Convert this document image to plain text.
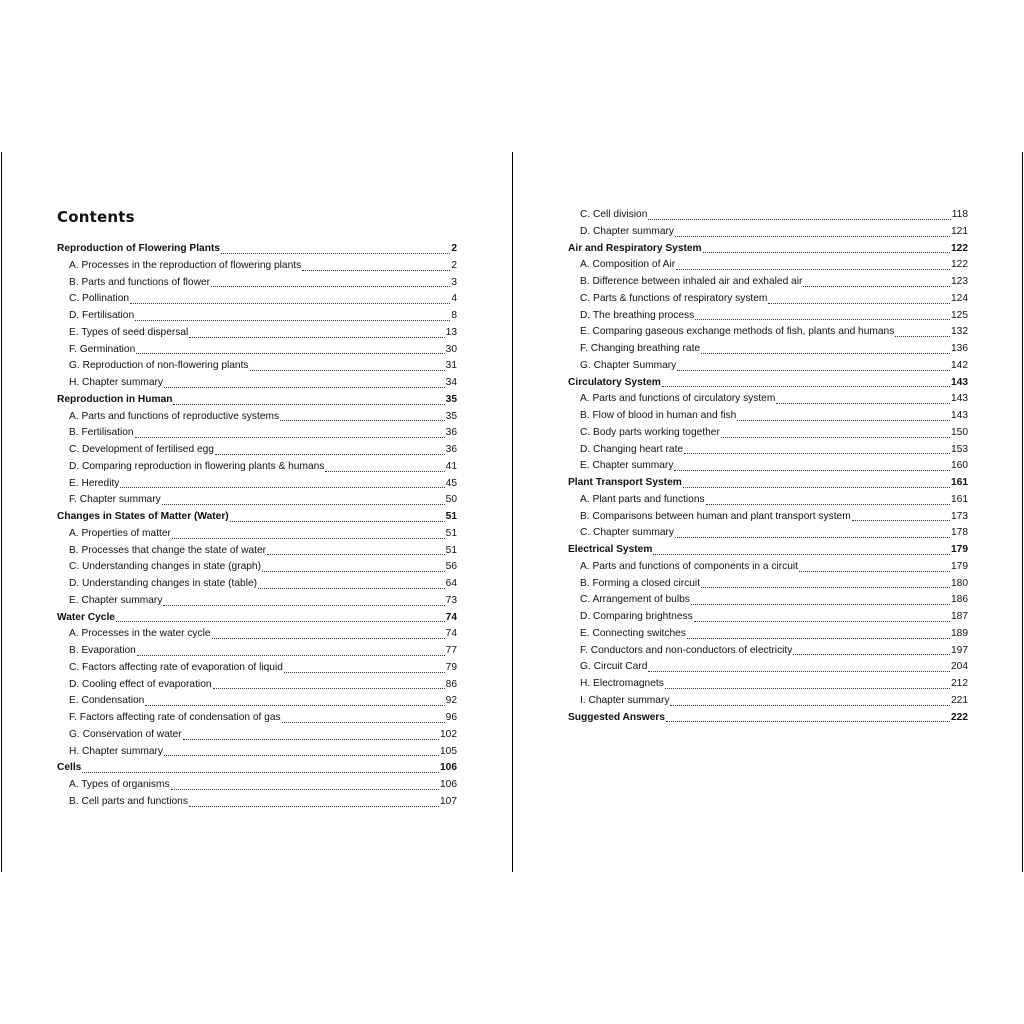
Contents
Reproduction of Flowering Plants	2
A. Processes in the reproduction of flowering plants	2
B. Parts and functions of flower	3
C. Pollination	4
D. Fertilisation	8
E. Types of seed dispersal	13
F. Germination	30
G. Reproduction of non-flowering plants	31
H. Chapter summary	34
Reproduction in Human	35
A. Parts and functions of reproductive systems	35
B. Fertilisation	36
C. Development of fertilised egg	36
D. Comparing reproduction in flowering plants & humans	41
E. Heredity	45
F. Chapter summary	50
Changes in States of Matter (Water)	51
A. Properties of matter	51
B. Processes that change the state of water	51
C. Understanding changes in state (graph)	56
D. Understanding changes in state (table)	64
E. Chapter summary	73
Water Cycle	74
A. Processes in the water cycle	74
B. Evaporation	77
C. Factors affecting rate of evaporation of liquid	79
D. Cooling effect of evaporation	86
E. Condensation	92
F. Factors affecting rate of condensation of gas	96
G. Conservation of water	102
H. Chapter summary	105
Cells	106
A. Types of organisms	106
B. Cell parts and functions	107
C. Cell division	118
D. Chapter summary	121
Air and Respiratory System	122
A. Composition of Air	122
B. Difference between inhaled air and exhaled air	123
C. Parts & functions of respiratory system	124
D. The breathing process	125
E. Comparing gaseous exchange methods of fish, plants and humans	132
F. Changing breathing rate	136
G. Chapter Summary	142
Circulatory System	143
A. Parts and functions of circulatory system	143
B. Flow of blood in human and fish	143
C. Body parts working together	150
D. Changing heart rate	153
E. Chapter summary	160
Plant Transport System	161
A. Plant parts and functions	161
B. Comparisons between human and plant transport system	173
C. Chapter summary	178
Electrical System	179
A. Parts and functions of components in a circuit	179
B. Forming a closed circuit	180
C. Arrangement of bulbs	186
D. Comparing brightness	187
E. Connecting switches	189
F. Conductors and non-conductors of electricity	197
G. Circuit Card	204
H. Electromagnets	212
I. Chapter summary	221
Suggested Answers	222
